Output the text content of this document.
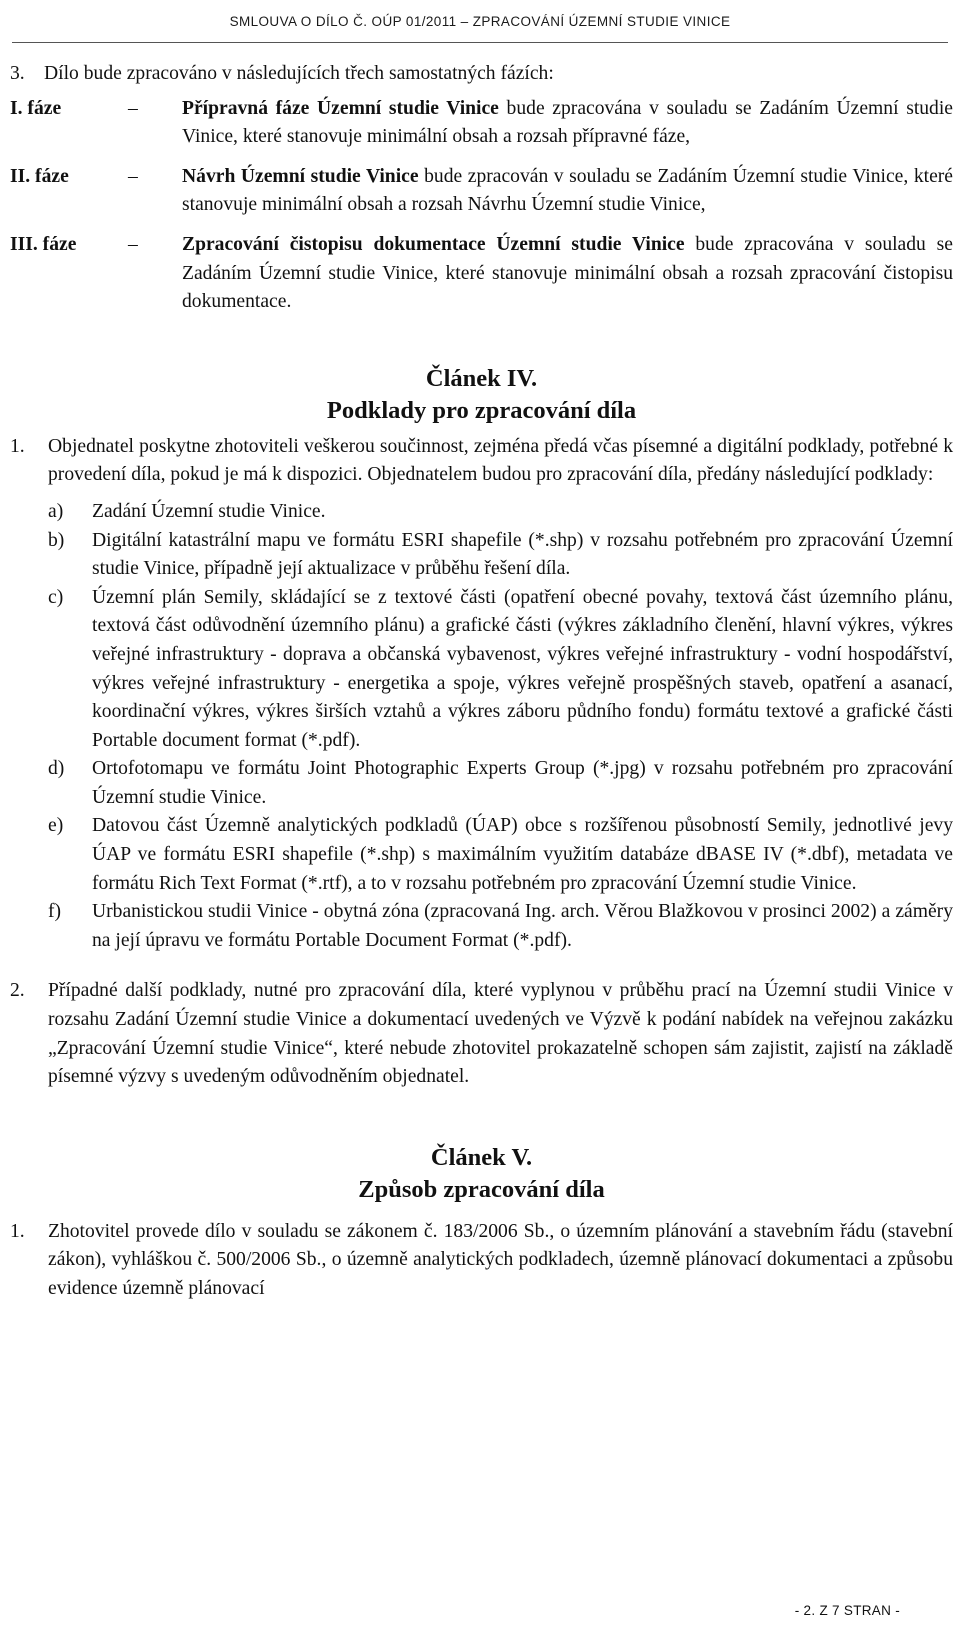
SMLOUVA O DÍLO Č. OÚP 01/2011 – ZPRACOVÁNÍ ÚZEMNÍ STUDIE VINICE

3. Dílo bude zpracováno v následujících třech samostatných fázích:

I. fáze	– Přípravná fáze Územní studie Vinice bude zpracována v souladu se Zadáním Územní studie Vinice, které stanovuje minimální obsah a rozsah přípravné fáze,
II. fáze	– Návrh Územní studie Vinice bude zpracován v souladu se Zadáním Územní studie Vinice, které stanovuje minimální obsah a rozsah Návrhu Územní studie Vinice,
III. fáze	– Zpracování čistopisu dokumentace Územní studie Vinice bude zpracována v souladu se Zadáním Územní studie Vinice, které stanovuje minimální obsah a rozsah zpracování čistopisu dokumentace.
Článek IV.
Podklady pro zpracování díla

1. Objednatel poskytne zhotoviteli veškerou součinnost, zejména předá včas písemné a digitální podklady, potřebné k provedení díla, pokud je má k dispozici. Objednatelem budou pro zpracování díla, předány následující podklady:

a) Zadání Územní studie Vinice.
b) Digitální katastrální mapu ve formátu ESRI shapefile (*.shp) v rozsahu potřebném pro zpracování Územní studie Vinice, případně její aktualizace v průběhu řešení díla.
c) Územní plán Semily, skládající se z textové části (opatření obecné povahy, textová část územního plánu, textová část odůvodnění územního plánu) a grafické části (výkres základního členění, hlavní výkres, výkres veřejné infrastruktury - doprava a občanská vybavenost, výkres veřejné infrastruktury - vodní hospodářství, výkres veřejné infrastruktury - energetika a spoje, výkres veřejně prospěšných staveb, opatření a asanací, koordinační výkres, výkres širších vztahů a výkres záboru půdního fondu) formátu textové a grafické části Portable document format (*.pdf).
d) Ortofotomapu ve formátu Joint Photographic Experts Group (*.jpg) v rozsahu potřebném pro zpracování Územní studie Vinice.
e) Datovou část Územně analytických podkladů (ÚAP) obce s rozšířenou působností Semily, jednotlivé jevy ÚAP ve formátu ESRI shapefile (*.shp) s maximálním využitím databáze dBASE IV (*.dbf), metadata ve formátu Rich Text Format (*.rtf), a to v rozsahu potřebném pro zpracování Územní studie Vinice.
f) Urbanistickou studii Vinice - obytná zóna (zpracovaná Ing. arch. Věrou Blažkovou v prosinci 2002) a záměry na její úpravu ve formátu Portable Document Format (*.pdf).

2. Případné další podklady, nutné pro zpracování díla, které vyplynou v průběhu prací na Územní studii Vinice v rozsahu Zadání Územní studie Vinice a dokumentací uvedených ve Výzvě k podání nabídek na veřejnou zakázku „Zpracování Územní studie Vinice“, které nebude zhotovitel prokazatelně schopen sám zajistit, zajistí na základě písemné výzvy s uvedeným odůvodněním objednatel.

Článek V.
Způsob zpracování díla

1. Zhotovitel provede dílo v souladu se zákonem č. 183/2006 Sb., o územním plánování a stavebním řádu (stavební zákon), vyhláškou č. 500/2006 Sb., o územně analytických podkladech, územně plánovací dokumentaci a způsobu evidence územně plánovací

- 2. Z 7 STRAN -
